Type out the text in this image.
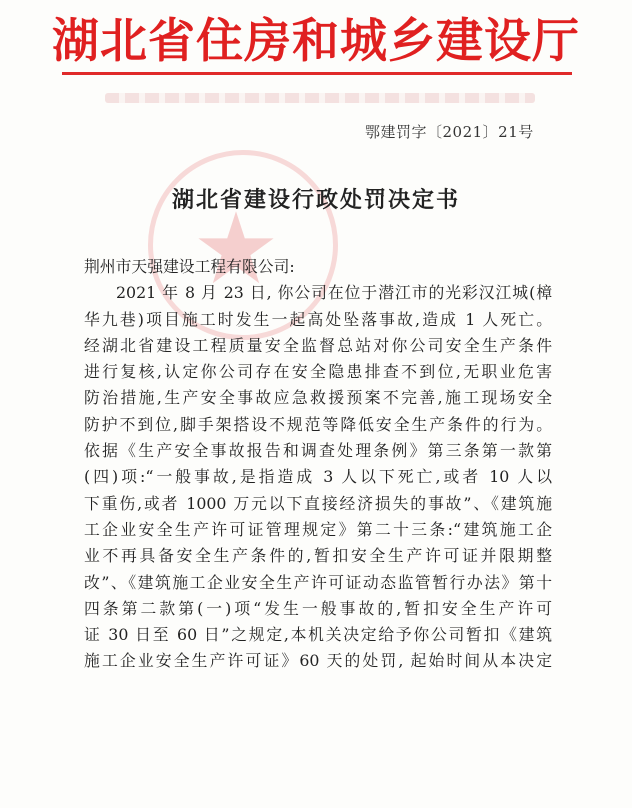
湖北省住房和城乡建设厅
鄂建罚字〔2021〕21号
湖北省建设行政处罚决定书
荆州市天强建设工程有限公司:
2021 年 8 月 23 日, 你公司在位于潜江市的光彩汉江城(樟
华九巷)项目施工时发生一起高处坠落事故,造成 1 人死亡。
经湖北省建设工程质量安全监督总站对你公司安全生产条件
进行复核,认定你公司存在安全隐患排查不到位,无职业危害
防治措施,生产安全事故应急救援预案不完善,施工现场安全
防护不到位,脚手架搭设不规范等降低安全生产条件的行为。
依据《生产安全事故报告和调查处理条例》第三条第一款第
(四)项:“一般事故,是指造成 3 人以下死亡,或者 10 人以
下重伤,或者 1000 万元以下直接经济损失的事故”、《建筑施
工企业安全生产许可证管理规定》第二十三条:“建筑施工企
业不再具备安全生产条件的,暂扣安全生产许可证并限期整
改”、《建筑施工企业安全生产许可证动态监管暂行办法》第十
四条第二款第(一)项“发生一般事故的,暂扣安全生产许可
证 30 日至 60 日”之规定,本机关决定给予你公司暂扣《建筑
施工企业安全生产许可证》60 天的处罚, 起始时间从本决定
